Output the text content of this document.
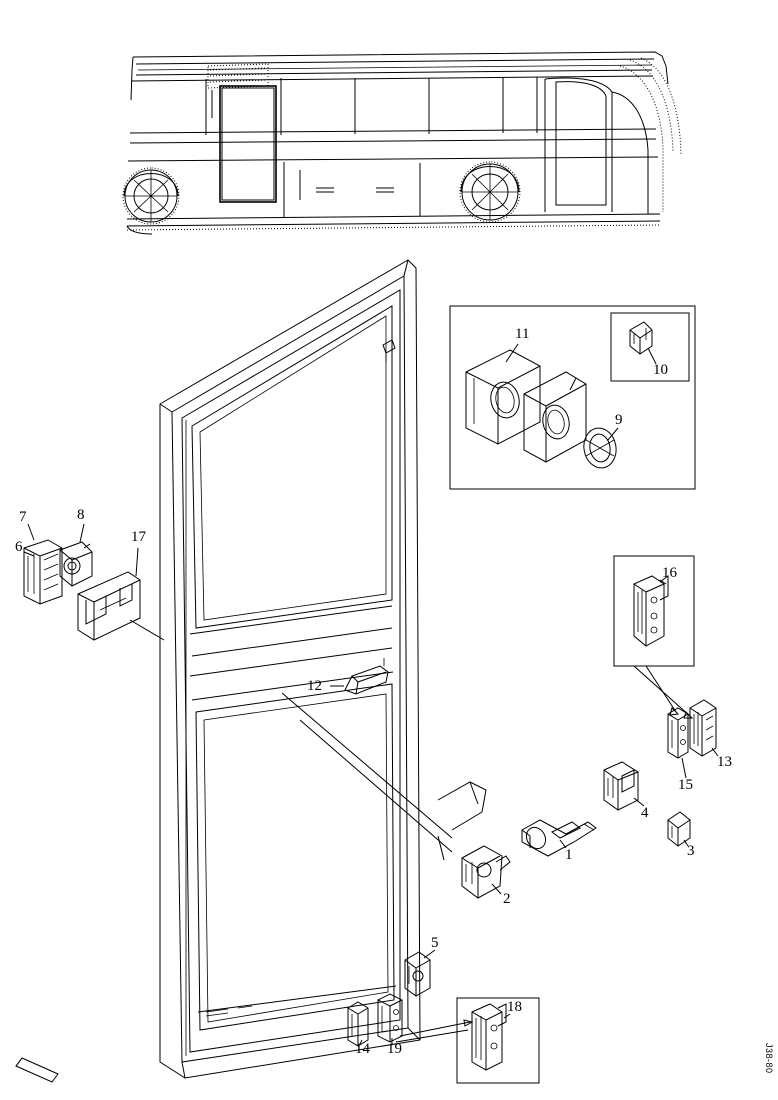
1
2
3
4
5
6
7	8
9
10
11
12
13
14
15
16
17
18
19	J38-80
